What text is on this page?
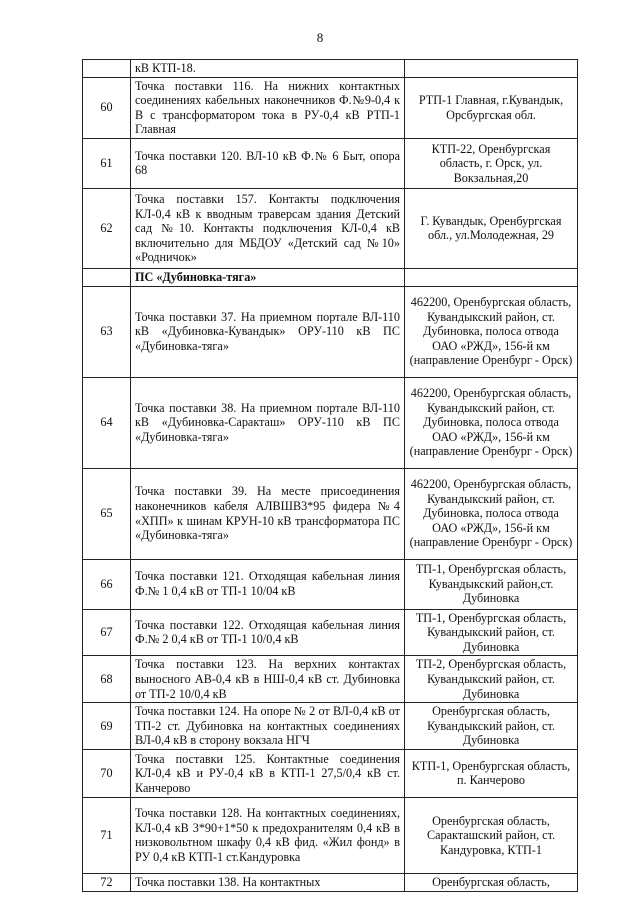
8
	кВ КТП-18.	
60	Точка поставки 116. На нижних контактных соединениях кабельных наконечников Ф.№9-0,4 к В с трансформатором тока в РУ-0,4 кВ РТП-1 Главная	РТП-1 Главная, г.Кувандык, Орсбургская обл.
61	Точка поставки 120. ВЛ-10 кВ Ф.№ 6 Быт, опора 68	КТП-22, Оренбургская область, г. Орск, ул. Вокзальная,20
62	Точка поставки 157. Контакты подключения КЛ-0,4 кВ к вводным траверсам здания Детский сад №10. Контакты подключения КЛ-0,4 кВ включительно для МБДОУ «Детский сад №10» «Родничок»	Г. Кувандык, Оренбургская обл., ул.Молодежная, 29
	ПС «Дубиновка-тяга»	
63	Точка поставки 37. На приемном портале ВЛ-110 кВ «Дубиновка-Кувандык» ОРУ-110 кВ ПС «Дубиновка-тяга»	462200, Оренбургская область, Кувандыкский район, ст. Дубиновка, полоса отвода ОАО «РЖД», 156-й км (направление Оренбург - Орск)
64	Точка поставки 38. На приемном портале ВЛ-110 кВ «Дубиновка-Саракташ» ОРУ-110 кВ ПС «Дубиновка-тяга»	462200, Оренбургская область, Кувандыкский район, ст. Дубиновка, полоса отвода ОАО «РЖД», 156-й км (направление Оренбург - Орск)
65	Точка поставки 39. На месте присоединения наконечников кабеля АЛВШВ3*95 фидера №4 «ХПП» к шинам КРУН-10 кВ трансформатора ПС «Дубиновка-тяга»	462200, Оренбургская область, Кувандыкский район, ст. Дубиновка, полоса отвода ОАО «РЖД», 156-й км (направление Оренбург - Орск)
66	Точка поставки 121. Отходящая кабельная линия Ф.№ 1 0,4 кВ от ТП-1 10/04 кВ	ТП-1, Оренбургская область, Кувандыкский район,ст. Дубиновка
67	Точка поставки 122. Отходящая кабельная линия Ф.№ 2 0,4 кВ от ТП-1 10/0,4 кВ	ТП-1, Оренбургская область, Кувандыкский район, ст. Дубиновка
68	Точка поставки 123. На верхних контактах выносного АВ-0,4 кВ в НШ-0,4 кВ ст. Дубиновка от ТП-2 10/0,4 кВ	ТП-2, Оренбургская область, Кувандыкский район, ст. Дубиновка
69	Точка поставки 124. На опоре № 2 от ВЛ-0,4 кВ от ТП-2 ст. Дубиновка на контактных соединениях ВЛ-0,4 кВ в сторону вокзала НГЧ	Оренбургская область, Кувандыкский район, ст. Дубиновка
70	Точка поставки 125. Контактные соединения КЛ-0,4 кВ и РУ-0,4 кВ в КТП-1 27,5/0,4 кВ ст. Канчерово	КТП-1, Оренбургская область, п. Канчерово
71	Точка поставки 128. На контактных соединениях, КЛ-0,4 кВ 3*90+1*50 к предохранителям 0,4 кВ в низковольтном шкафу 0,4 кВ фид. «Жил фонд» в РУ 0,4 кВ КТП-1 ст.Кандуровка	Оренбургская область, Саракташский район, ст. Кандуровка, КТП-1
72	Точка поставки 138. На контактных	Оренбургская область,
